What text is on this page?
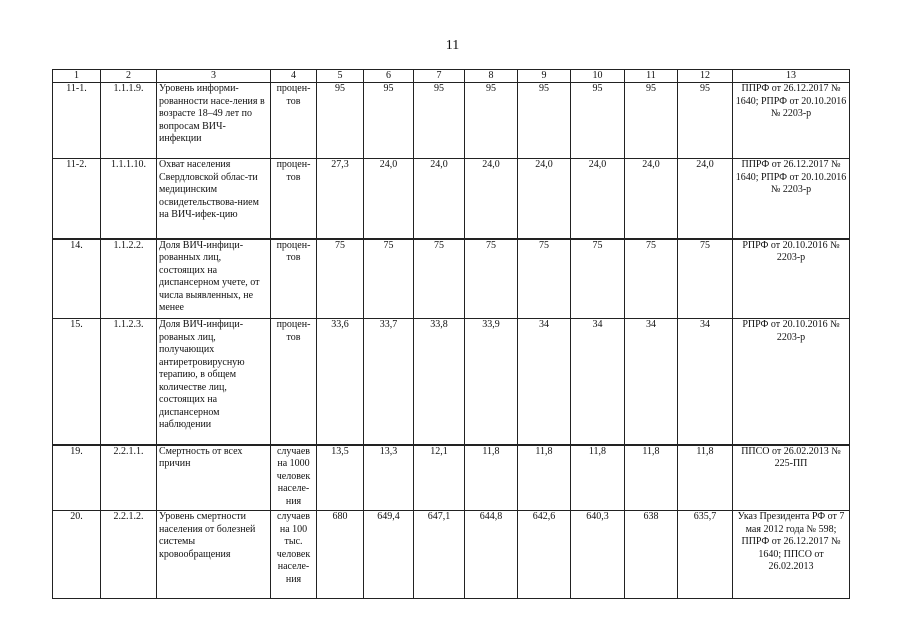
11
1	2	3	4	5	6	7	8	9	10	11	12	13
11-1.	1.1.1.9.	Уровень информи-рованности насе-ления в возрасте 18–49 лет по вопросам ВИЧ-инфекции	процен-тов	95	95	95	95	95	95	95	95	ППРФ от 26.12.2017 № 1640; РПРФ от 20.10.2016 № 2203-р
11-2.	1.1.1.10.	Охват населения Свердловской облас-ти медицинским освидетельствова-нием на ВИЧ-ифек-цию	процен-тов	27,3	24,0	24,0	24,0	24,0	24,0	24,0	24,0	ППРФ от 26.12.2017 № 1640; РПРФ от 20.10.2016 № 2203-р
14.	1.1.2.2.	Доля ВИЧ-инфици-рованных лиц, состоящих на диспансерном учете, от числа выявленных, не менее	процен-тов	75	75	75	75	75	75	75	75	РПРФ от 20.10.2016 № 2203-р
15.	1.1.2.3.	Доля ВИЧ-инфици-рованых лиц, получающих антиретровирусную терапию, в общем количестве лиц, состоящих на диспансерном наблюдении	процен-тов	33,6	33,7	33,8	33,9	34	34	34	34	РПРФ от 20.10.2016 № 2203-р
19.	2.2.1.1.	Смертность от всех причин	случаев на 1000 человек населе-ния	13,5	13,3	12,1	11,8	11,8	11,8	11,8	11,8	ППСО от 26.02.2013 № 225-ПП
20.	2.2.1.2.	Уровень смертности населения от болезней системы кровообращения	случаев на 100 тыс. человек населе-ния	680	649,4	647,1	644,8	642,6	640,3	638	635,7	Указ Президента РФ от 7 мая 2012 года № 598; ППРФ от 26.12.2017 № 1640; ППСО от 26.02.2013
